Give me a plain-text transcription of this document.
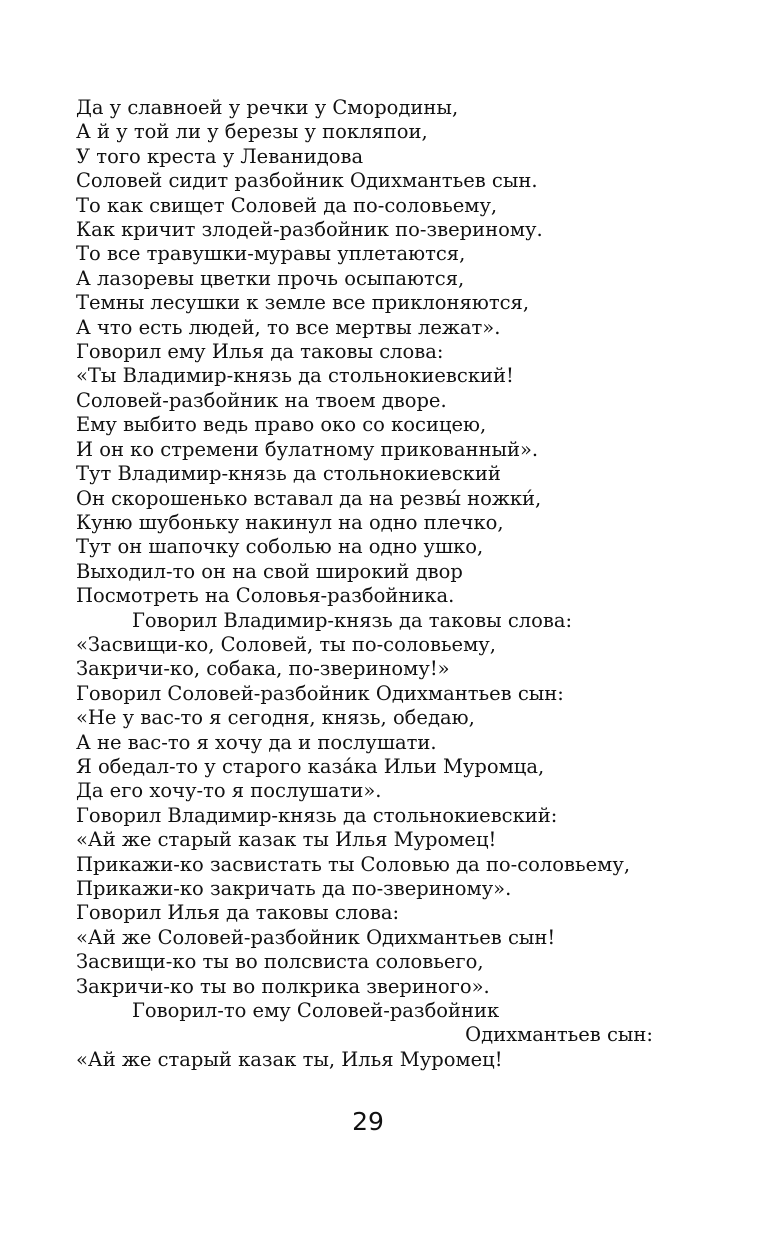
Да у славноей у речки у Смородины,
А й у той ли у березы у покляпои,
У того креста у Леванидова
Соловей сидит разбойник Одихмантьев сын.
То как свищет Соловей да по-соловьему,
Как кричит злодей-разбойник по-звериному.
То все травушки-муравы уплетаются,
А лазоревы цветки прочь осыпаются,
Темны лесушки к земле все приклоняются,
А что есть людей, то все мертвы лежат».
Говорил ему Илья да таковы слова:
«Ты Владимир-князь да стольнокиевский!
Соловей-разбойник на твоем дворе.
Ему выбито ведь право око со косицею,
И он ко стремени булатному прикованный».
Тут Владимир-князь да стольнокиевский
Он скорошенько вставал да на резвы́ ножки́,
Куню шубоньку накинул на одно плечко,
Тут он шапочку соболью на одно ушко,
Выходил-то он на свой широкий двор
Посмотреть на Соловья-разбойника.
Говорил Владимир-князь да таковы слова:
«Засвищи-ко, Соловей, ты по-соловьему,
Закричи-ко, собака, по-звериному!»
Говорил Соловей-разбойник Одихмантьев сын:
«Не у вас-то я сегодня, князь, обедаю,
А не вас-то я хочу да и послушати.
Я обедал-то у старого каза́ка Ильи Муромца,
Да его хочу-то я послушати».
Говорил Владимир-князь да стольнокиевский:
«Ай же старый казак ты Илья Муромец!
Прикажи-ко засвистать ты Соловью да по-соловьему,
Прикажи-ко закричать да по-звериному».
Говорил Илья да таковы слова:
«Ай же Соловей-разбойник Одихмантьев сын!
Засвищи-ко ты во полсвиста соловьего,
Закричи-ко ты во полкрика звериного».
Говорил-то ему Соловей-разбойник
Одихмантьев сын:
«Ай же старый казак ты, Илья Муромец!
29
